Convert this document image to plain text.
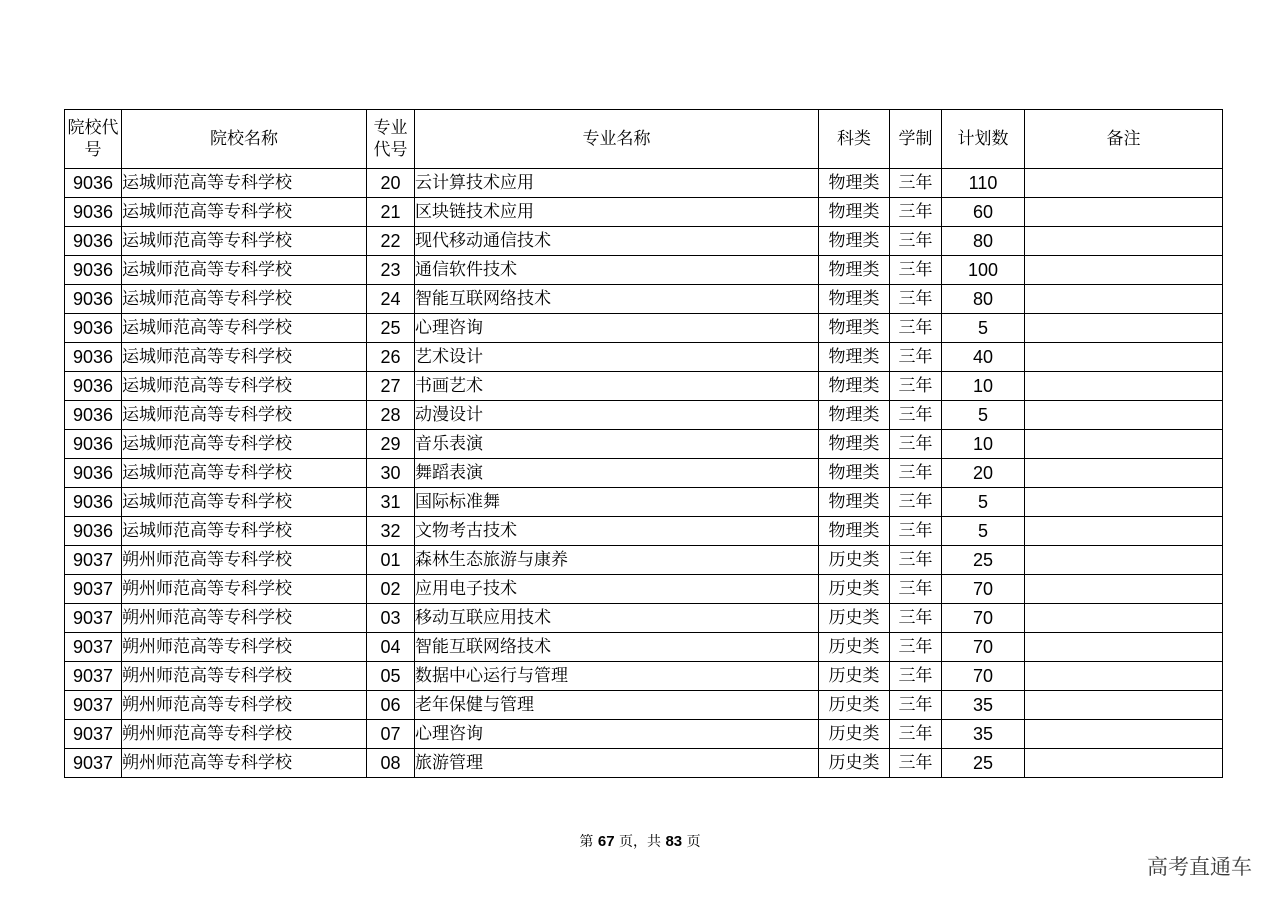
院校代号	院校名称	专业代号	专业名称	科类	学制	计划数	备注
9036	运城师范高等专科学校	20	云计算技术应用	物理类	三年	110	
9036	运城师范高等专科学校	21	区块链技术应用	物理类	三年	60	
9036	运城师范高等专科学校	22	现代移动通信技术	物理类	三年	80	
9036	运城师范高等专科学校	23	通信软件技术	物理类	三年	100	
9036	运城师范高等专科学校	24	智能互联网络技术	物理类	三年	80	
9036	运城师范高等专科学校	25	心理咨询	物理类	三年	5	
9036	运城师范高等专科学校	26	艺术设计	物理类	三年	40	
9036	运城师范高等专科学校	27	书画艺术	物理类	三年	10	
9036	运城师范高等专科学校	28	动漫设计	物理类	三年	5	
9036	运城师范高等专科学校	29	音乐表演	物理类	三年	10	
9036	运城师范高等专科学校	30	舞蹈表演	物理类	三年	20	
9036	运城师范高等专科学校	31	国际标准舞	物理类	三年	5	
9036	运城师范高等专科学校	32	文物考古技术	物理类	三年	5	
9037	朔州师范高等专科学校	01	森林生态旅游与康养	历史类	三年	25	
9037	朔州师范高等专科学校	02	应用电子技术	历史类	三年	70	
9037	朔州师范高等专科学校	03	移动互联应用技术	历史类	三年	70	
9037	朔州师范高等专科学校	04	智能互联网络技术	历史类	三年	70	
9037	朔州师范高等专科学校	05	数据中心运行与管理	历史类	三年	70	
9037	朔州师范高等专科学校	06	老年保健与管理	历史类	三年	35	
9037	朔州师范高等专科学校	07	心理咨询	历史类	三年	35	
9037	朔州师范高等专科学校	08	旅游管理	历史类	三年	25	
第 67 页，共 83 页
高考直通车
